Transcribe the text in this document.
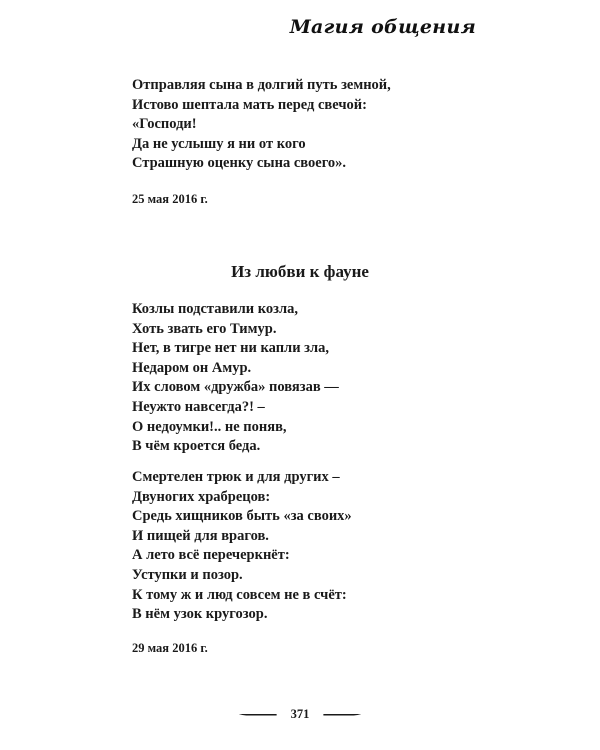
Магия общения
Отправляя сына в долгий путь земной,
Истово шептала мать перед свечой:
«Господи!
Да не услышу я ни от кого
Страшную оценку сына своего».
25 мая 2016 г.
Из любви к фауне
Козлы подставили козла,
Хоть звать его Тимур.
Нет, в тигре нет ни капли зла,
Недаром он Амур.
Их словом «дружба» повязав —
Неужто навсегда?! –
О недоумки!.. не поняв,
В чём кроется беда.
Смертелен трюк и для других –
Двуногих храбрецов:
Средь хищников быть «за своих»
И пищей для врагов.
А лето всё перечеркнёт:
Уступки и позор.
К тому ж и люд совсем не в счёт:
В нём узок кругозор.
29 мая 2016 г.
371
